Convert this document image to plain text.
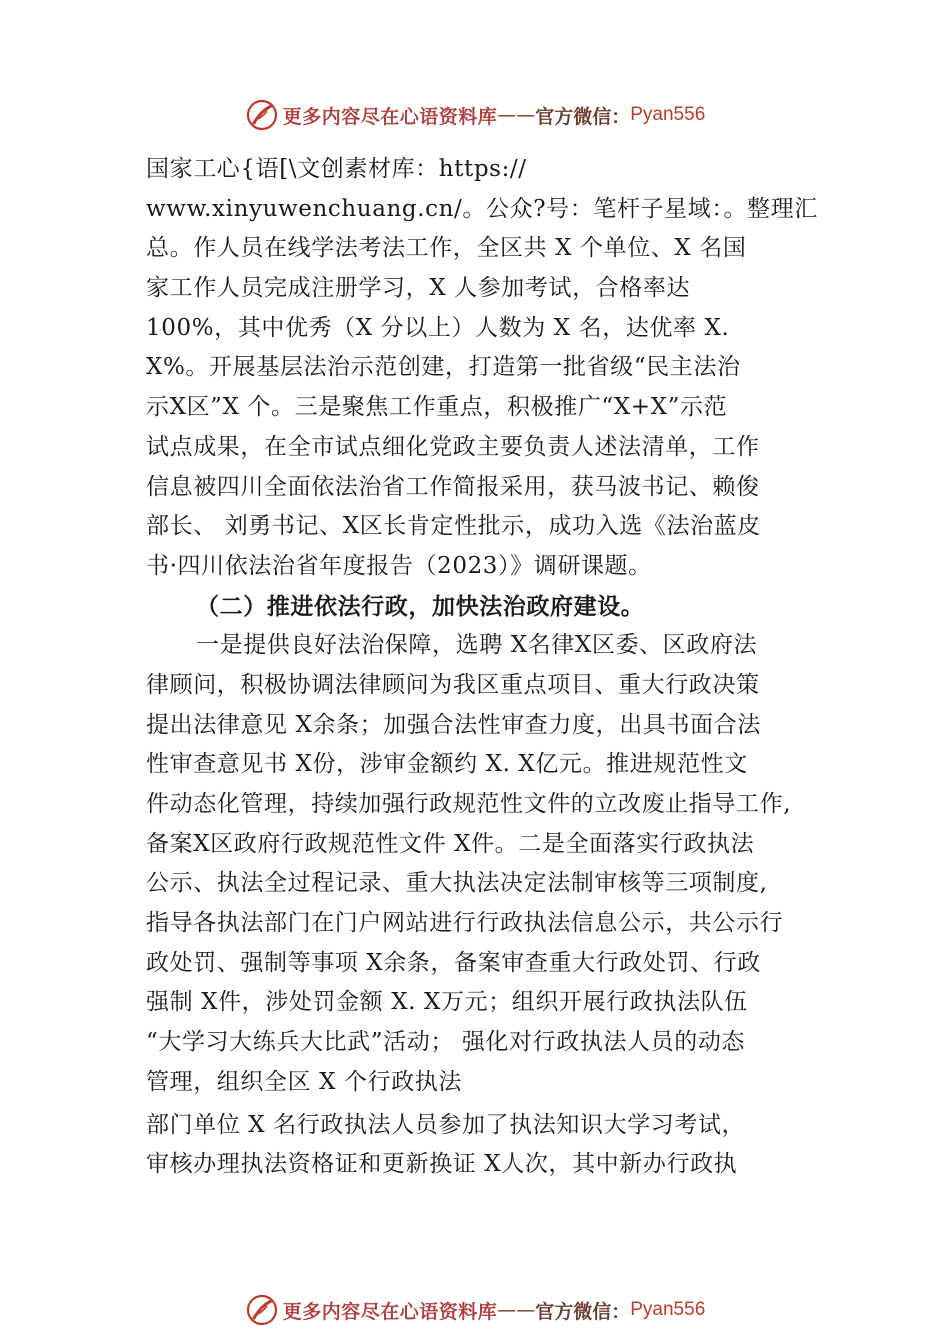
更多内容尽在心语资料库 —— 官方微信： Pyan556
国家工心{语[\文创素材库：https://
www.xinyuwenchuang.cn/。公众?号：笔杆子星域：。整理汇
总。作人员在线学法考法工作，全区共 X 个单位、X 名国
家工作人员完成注册学习，X 人参加考试，合格率达
100%，其中优秀（X 分以上）人数为 X 名，达优率 X.
X%。开展基层法治示范创建，打造第一批省级“民主法治
示X区”X 个。三是聚焦工作重点，积极推广“X+X”示范
试点成果，在全市试点细化党政主要负责人述法清单，工作
信息被四川全面依法治省工作简报采用，获马波书记、赖俊
部长、 刘勇书记、X区长肯定性批示，成功入选《法治蓝皮
书·四川依法治省年度报告（2023）》调研课题。
（二）推进依法行政，加快法治政府建设。
一是提供良好法治保障，选聘 X名律X区委、区政府法
律顾问，积极协调法律顾问为我区重点项目、重大行政决策
提出法律意见 X余条；加强合法性审查力度，出具书面合法
性审查意见书 X份，涉审金额约 X. X亿元。推进规范性文
件动态化管理，持续加强行政规范性文件的立改废止指导工作,
备案X区政府行政规范性文件 X件。二是全面落实行政执法
公示、执法全过程记录、重大执法决定法制审核等三项制度,
指导各执法部门在门户网站进行行政执法信息公示，共公示行
政处罚、强制等事项 X余条，备案审查重大行政处罚、行政
强制 X件，涉处罚金额 X. X万元；组织开展行政执法队伍
“大学习大练兵大比武”活动； 强化对行政执法人员的动态
管理，组织全区 X 个行政执法
部门单位 X 名行政执法人员参加了执法知识大学习考试，
审核办理执法资格证和更新换证 X人次，其中新办行政执
更多内容尽在心语资料库 —— 官方微信： Pyan556
